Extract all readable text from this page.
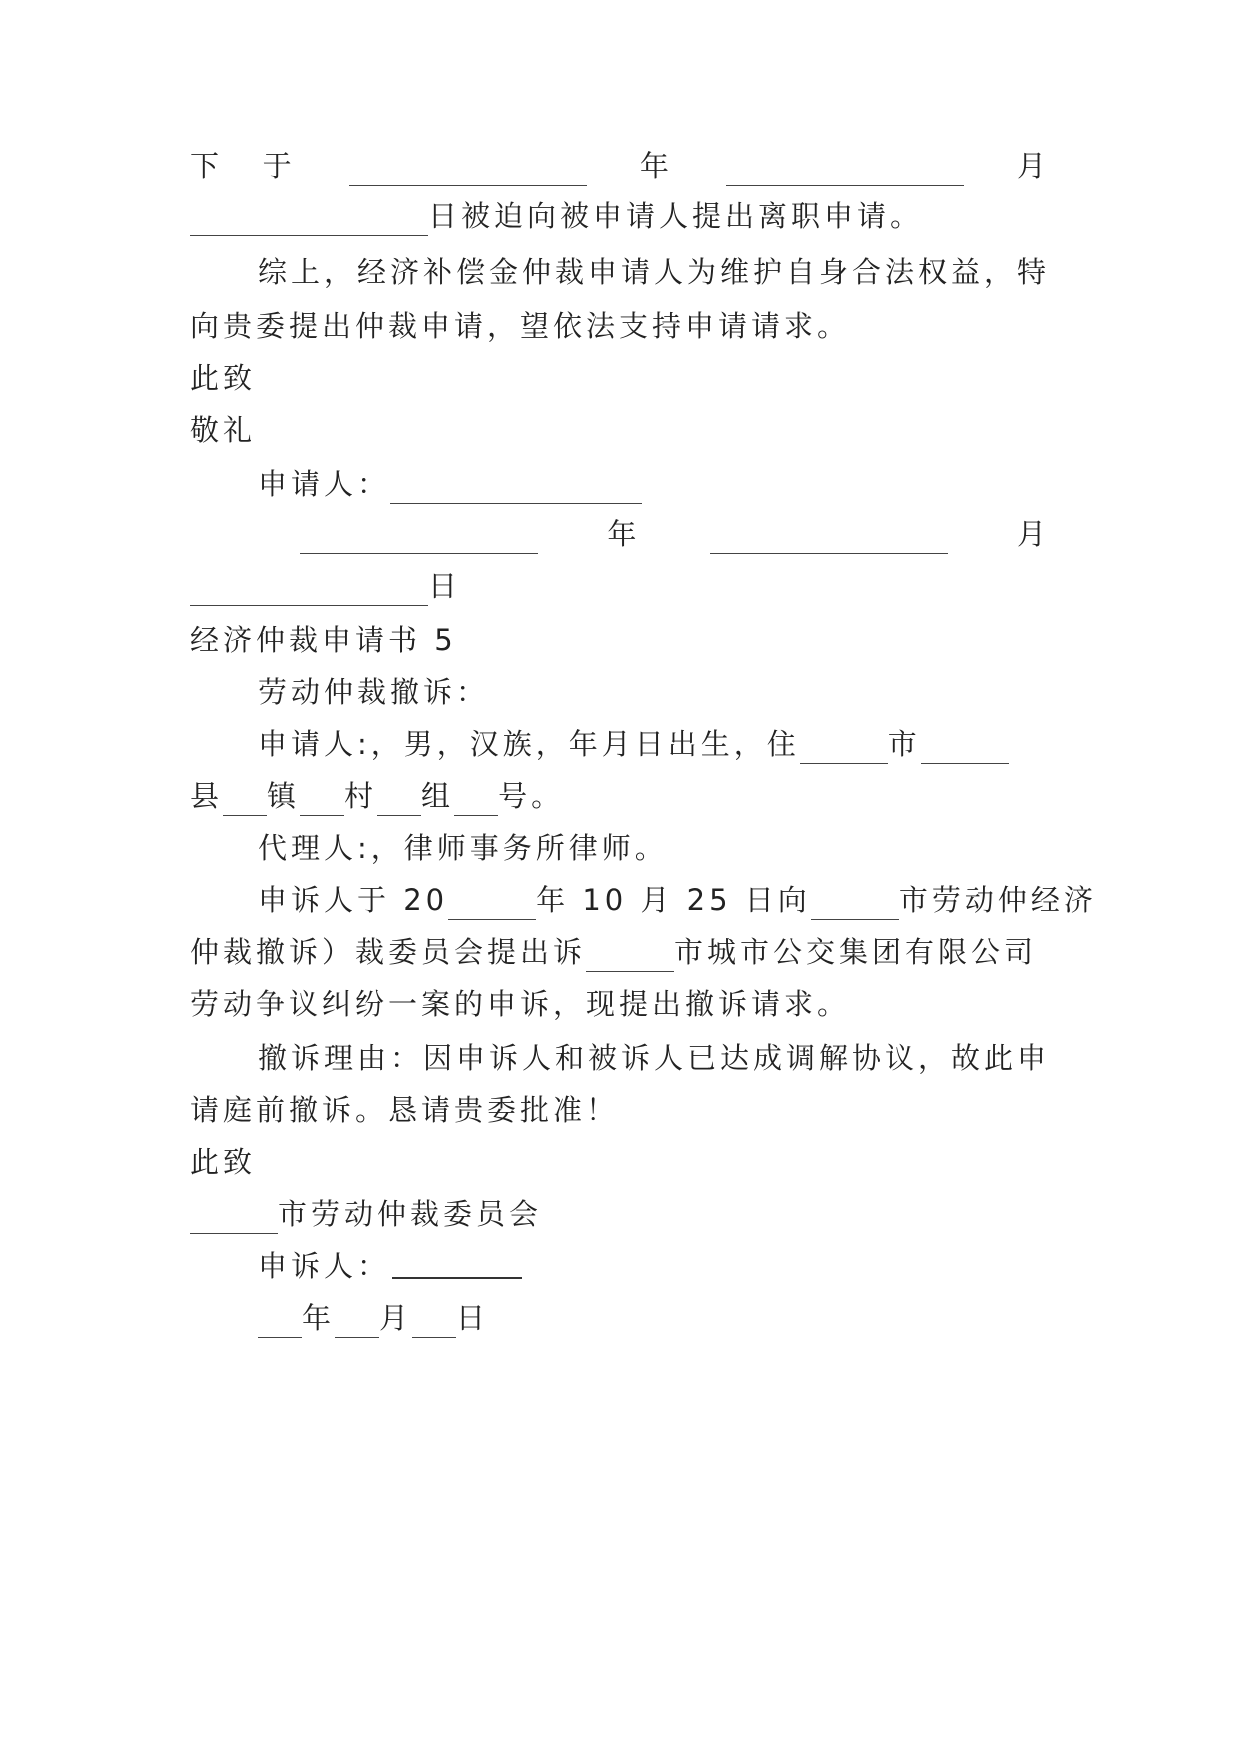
下 于	年	月
日被迫向被申请人提出离职申请。
综上，经济补偿金仲裁申请人为维护自身合法权益，特
向贵委提出仲裁申请，望依法支持申请请求。
此致
敬礼
申请人：
年	月
日
经济仲裁申请书 5
劳动仲裁撤诉：
申请人:，男，汉族，年月日出生，住	市
县 镇 村 组 号。
代理人:，律师事务所律师。
申诉人于 20	年 10 月 25 日向	市劳动仲经济
仲裁撤诉）裁委员会提出诉	市城市公交集团有限公司
劳动争议纠纷一案的申诉，现提出撤诉请求。
撤诉理由：因申诉人和被诉人已达成调解协议，故此申
请庭前撤诉。恳请贵委批准！
此致
市劳动仲裁委员会
申诉人：
年 月 日
